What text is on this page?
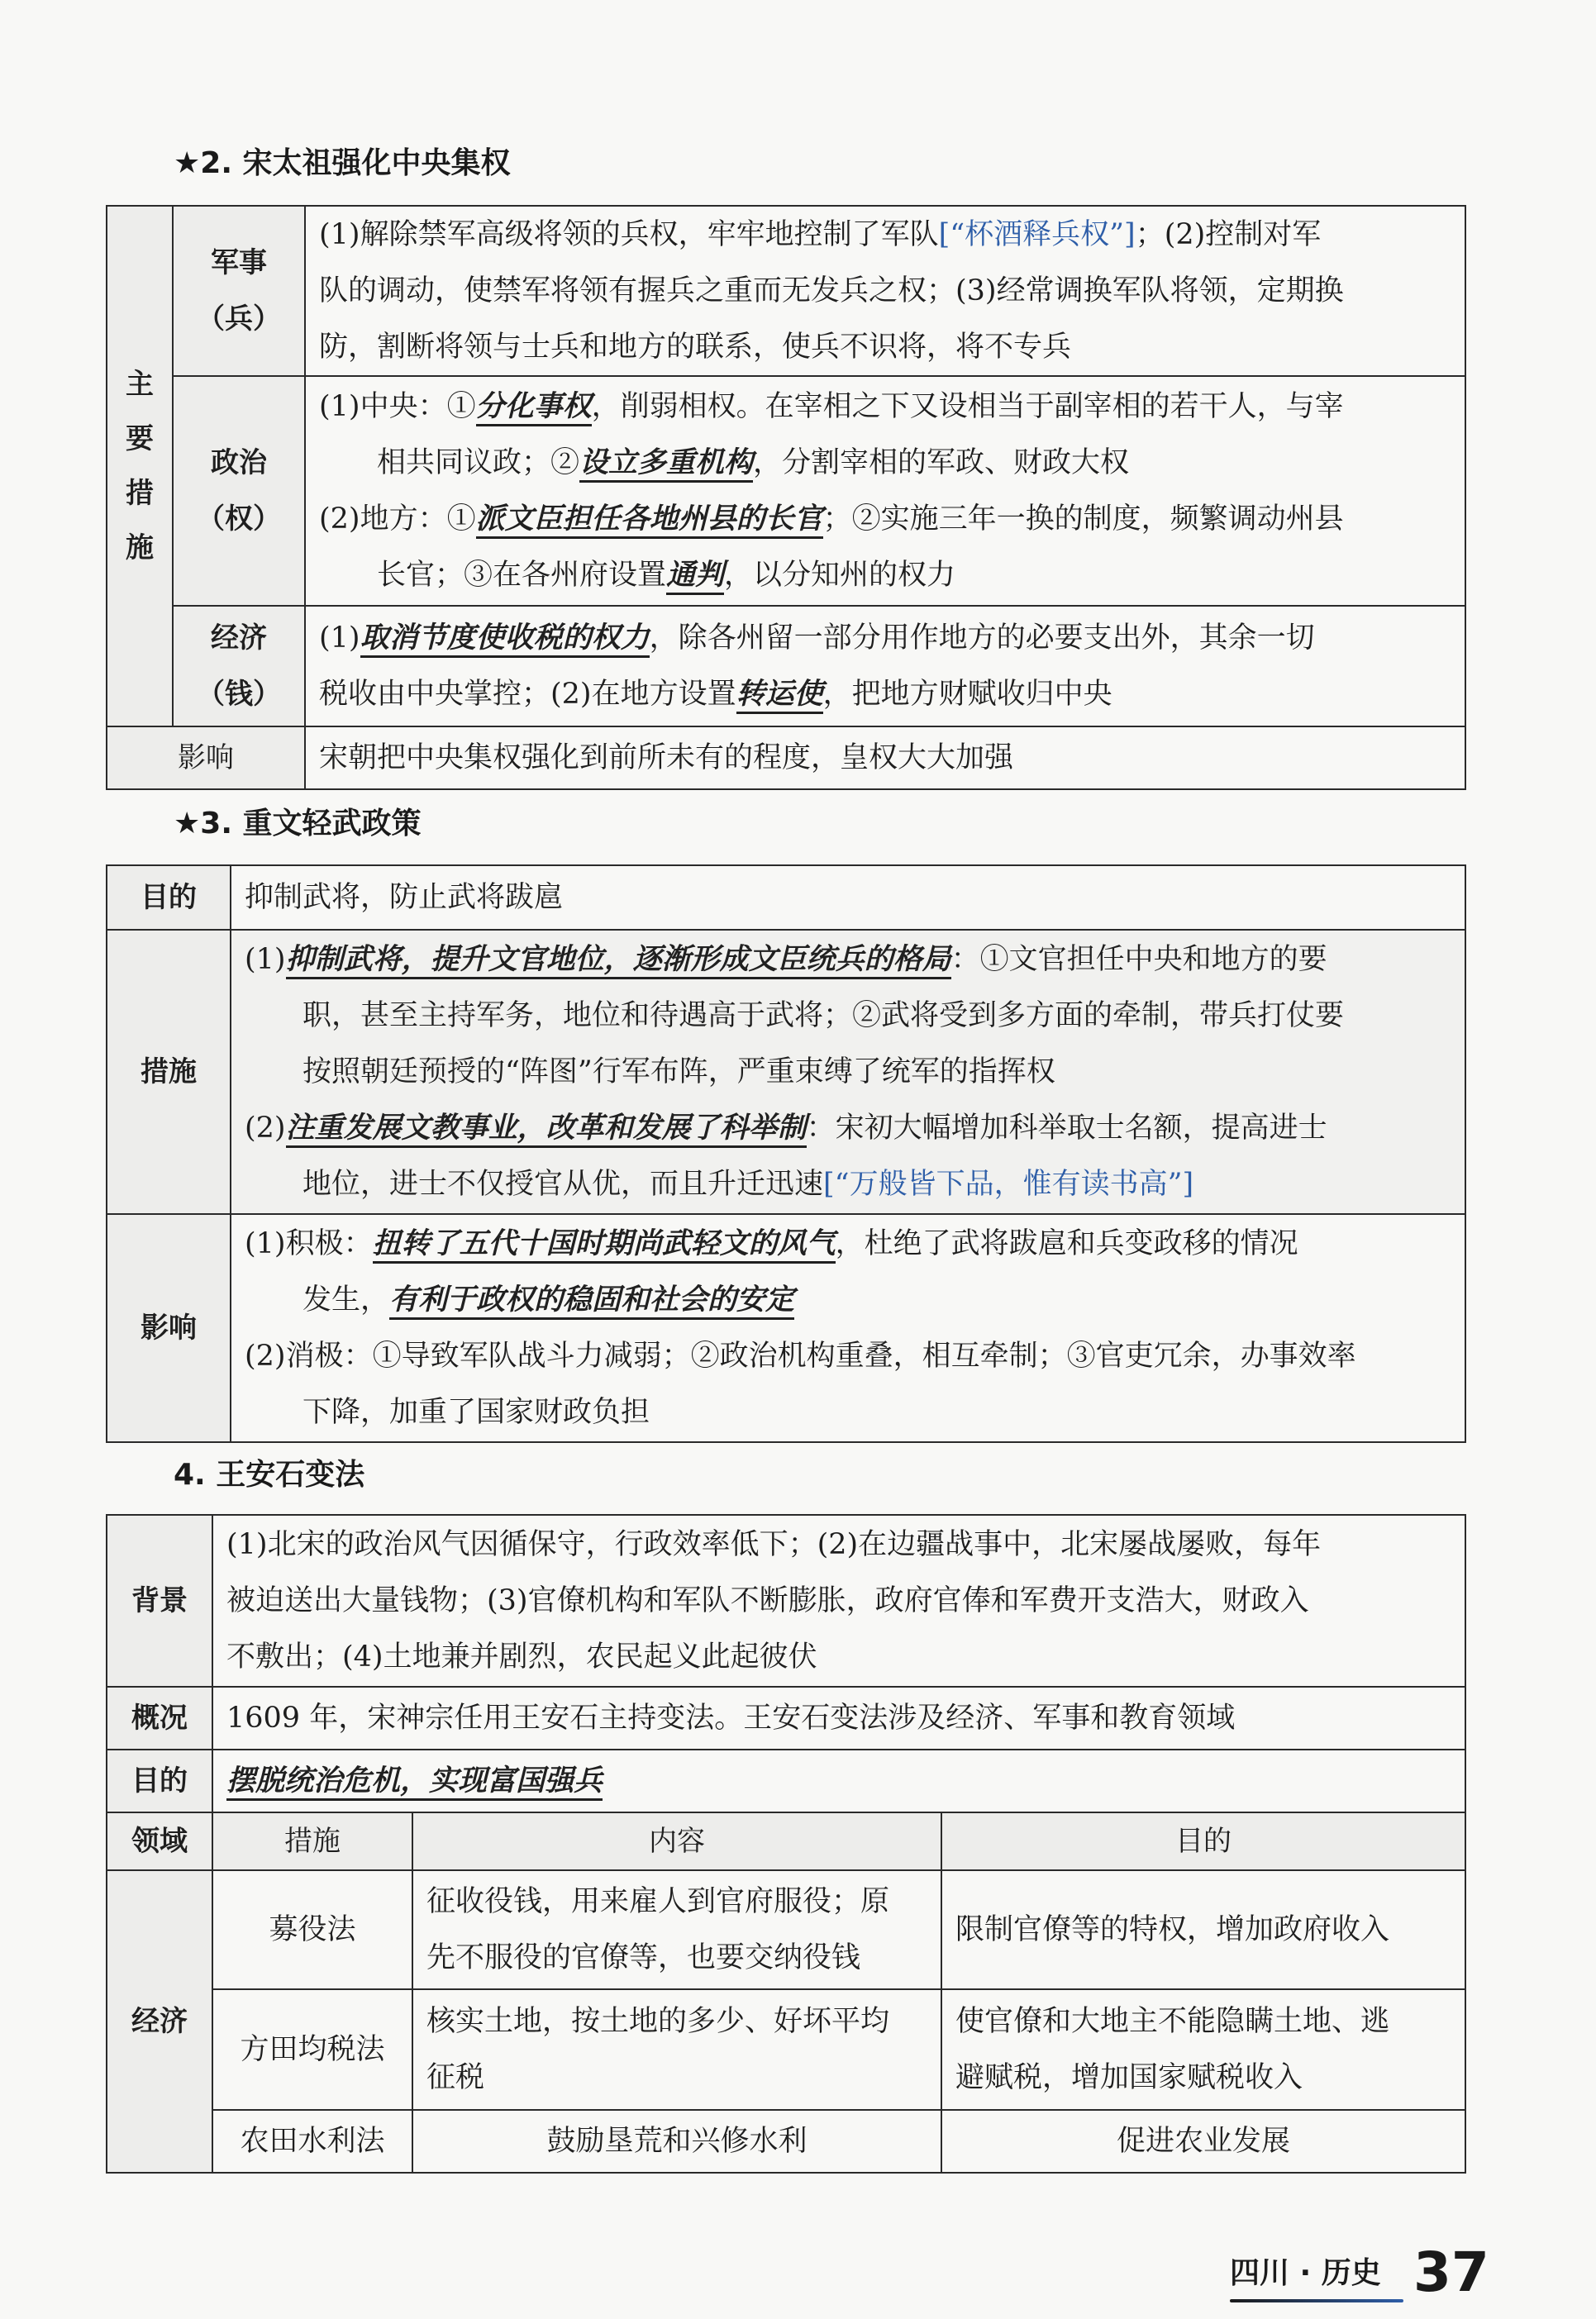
★2. 宋太祖强化中央集权
主要措施	军事（兵）	(1)解除禁军高级将领的兵权，牢牢地控制了军队[“杯酒释兵权”]；(2)控制对军
队的调动，使禁军将领有握兵之重而无发兵之权；(3)经常调换军队将领，定期换
防，割断将领与士兵和地方的联系，使兵不识将，将不专兵

	政治（权）	(1)中央：①分化事权，削弱相权。在宰相之下又设相当于副宰相的若干人，与宰
相共同议政；②设立多重机构，分割宰相的军政、财政大权
(2)地方：①派文臣担任各地州县的长官；②实施三年一换的制度，频繁调动州县
长官；③在各州府设置通判，以分知州的权力

	经济（钱）	(1)取消节度使收税的权力，除各州留一部分用作地方的必要支出外，其余一切
税收由中央掌控；(2)在地方设置转运使，把地方财赋收归中央

影响		宋朝把中央集权强化到前所未有的程度，皇权大大加强
★3. 重文轻武政策
目的	抑制武将，防止武将跋扈
措施	(1)抑制武将，提升文官地位，逐渐形成文臣统兵的格局：①文官担任中央和地方的要
职，甚至主持军务，地位和待遇高于武将；②武将受到多方面的牵制，带兵打仗要
按照朝廷预授的“阵图”行军布阵，严重束缚了统军的指挥权
(2)注重发展文教事业，改革和发展了科举制：宋初大幅增加科举取士名额，提高进士
地位，进士不仅授官从优，而且升迁迅速[“万般皆下品，惟有读书高”]

影响	(1)积极：扭转了五代十国时期尚武轻文的风气，杜绝了武将跋扈和兵变政移的情况
发生，有利于政权的稳固和社会的安定
(2)消极：①导致军队战斗力减弱；②政治机构重叠，相互牵制；③官吏冗余，办事效率
下降，加重了国家财政负担
4. 王安石变法
背景	(1)北宋的政治风气因循保守，行政效率低下；(2)在边疆战事中，北宋屡战屡败，每年
被迫送出大量钱物；(3)官僚机构和军队不断膨胀，政府官俸和军费开支浩大，财政入
不敷出；(4)土地兼并剧烈，农民起义此起彼伏		

概况	1609 年，宋神宗任用王安石主持变法。王安石变法涉及经济、军事和教育领域		
目的	摆脱统治危机，实现富国强兵		
领域	措施	内容	目的
经济	募役法	征收役钱，用来雇人到官府服役；原
先不服役的官僚等，也要交纳役钱	限制官僚等的特权，增加政府收入

	方田均税法	核实土地，按土地的多少、好坏平均
征税	使官僚和大地主不能隐瞒土地、逃
避赋税，增加国家赋税收入

	农田水利法	鼓励垦荒和兴修水利	促进农业发展
四川 · 历史 37
